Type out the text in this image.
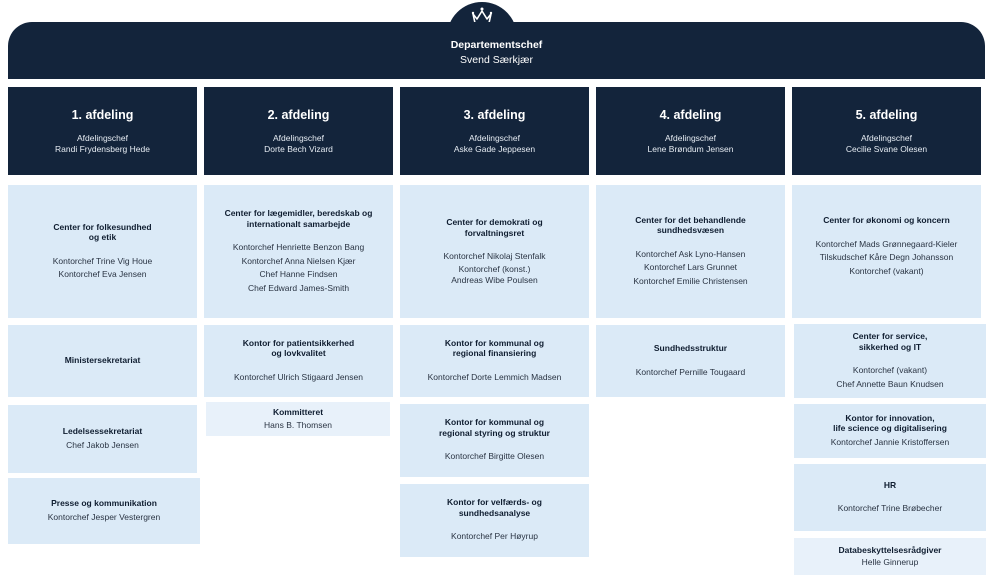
Departementschef
Svend Særkjær
1. afdeling
Afdelingschef
Randi Frydensberg Hede
2. afdeling
Afdelingschef
Dorte Bech Vizard
3. afdeling
Afdelingschef
Aske Gade Jeppesen
4. afdeling
Afdelingschef
Lene Brøndum Jensen
5. afdeling
Afdelingschef
Cecilie Svane Olesen
Center for folkesundhed
og etik
Kontorchef Trine Vig Houe
Kontorchef Eva Jensen
Ministersekretariat
Ledelsessekretariat
Chef Jakob Jensen
Presse og kommunikation
Kontorchef Jesper Vestergren
Center for lægemidler, beredskab og
internationalt samarbejde
Kontorchef Henriette Benzon Bang
Kontorchef Anna Nielsen Kjær
Chef Hanne Findsen
Chef Edward James-Smith
Kontor for patientsikkerhed
og lovkvalitet
Kontorchef Ulrich Stigaard Jensen
Kommitteret
Hans B. Thomsen
Center for demokrati og
forvaltningsret
Kontorchef Nikolaj Stenfalk
Kontorchef (konst.)
Andreas Wibe Poulsen
Kontor for kommunal og
regional finansiering
Kontorchef Dorte Lemmich Madsen
Kontor for kommunal og
regional styring og struktur
Kontorchef Birgitte Olesen
Kontor for velfærds- og
sundhedsanalyse
Kontorchef Per Høyrup
Center for det behandlende
sundhedsvæsen
Kontorchef Ask Lyno-Hansen
Kontorchef Lars Grunnet
Kontorchef Emilie Christensen
Sundhedsstruktur
Kontorchef Pernille Tougaard
Center for økonomi og koncern
Kontorchef Mads Grønnegaard-Kieler
Tilskudschef Kåre Degn Johansson
Kontorchef (vakant)
Center for service,
sikkerhed og IT
Kontorchef (vakant)
Chef Annette Baun Knudsen
Kontor for innovation,
life science og digitalisering
Kontorchef Jannie Kristoffersen
HR
Kontorchef Trine Brøbecher
Databeskyttelsesrådgiver
Helle Ginnerup
